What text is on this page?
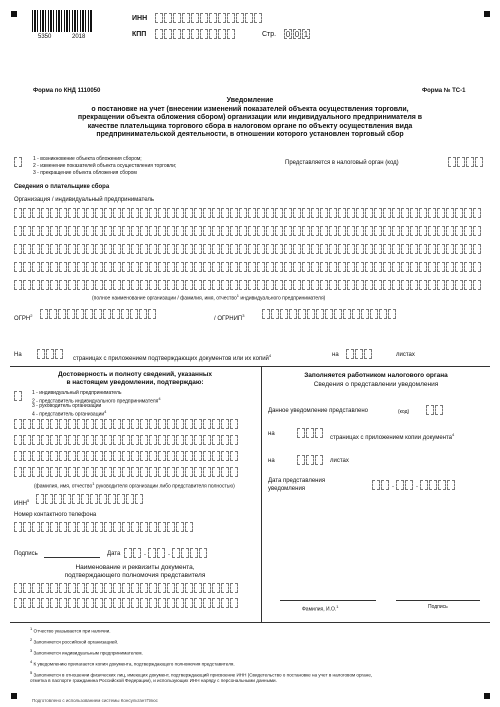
5350	2018
ИНН
КПП	Стр. 0 0 1
Форма по КНД 1110050	Форма № ТС-1
Уведомление
о постановке на учет (внесении изменений показателей объекта осуществления торговли,
прекращении объекта обложения сбором) организации или индивидуального предпринимателя в
качестве плательщика торгового сбора в налоговом органе по объекту осуществления вида
предпринимательской деятельности, в отношении которого установлен торговый сбор
1 - возникновение объекта обложения сбором;
2 - изменение показателей объекта осуществления торговли;
3 - прекращение объекта обложения сбором
Представляется в налоговый орган (код)
Сведения о плательщике сбора
Организация / индивидуальный предприниматель
(полное наименование организации / фамилия, имя, отчество$^1$ индивидуального предпринимателя)
ОГРН$^2$
/ ОГРНИП$^3$
На
страницах с приложением подтверждающих документов или их копий$^4$	на	листах
Достоверность и полноту сведений, указанных
в настоящем уведомлении, подтверждаю:
1 - индивидуальный предприниматель
2 - представитель индивидуального предпринимателя$^4$
3 - руководитель организации
4 - представитель организации$^4$
(фамилия, имя, отчество$^1$ руководителя организации либо представителя полностью)
ИНН$^5$
Номер контактного телефона
Подпись	Дата	.	.
Наименование и реквизиты документа,
подтверждающего полномочия представителя
Заполняется работником налогового органа
Сведения о представлении уведомления
Данное уведомление представлено	(код)
на
страницах с приложением копии документа$^4$
на	листах
Дата представления
уведомления	.	.
Фамилия, И.О.$^1$	Подпись
$^1$ Отчество указывается при наличии.
$^2$ Заполняется российской организацией.
$^3$ Заполняется индивидуальным предпринимателем.
$^4$ К уведомлению прилагается копия документа, подтверждающего полномочия представителя.
$^5$ Заполняется в отношении физических лиц, имеющих документ, подтверждающий присвоение ИНН (Свидетельство о постановке на учет в налоговом органе,
отметка в паспорте гражданина Российской Федерации), и использующих ИНН наряду с персональными данными.
Подготовлено с использованием системы КонсультантПлюс
